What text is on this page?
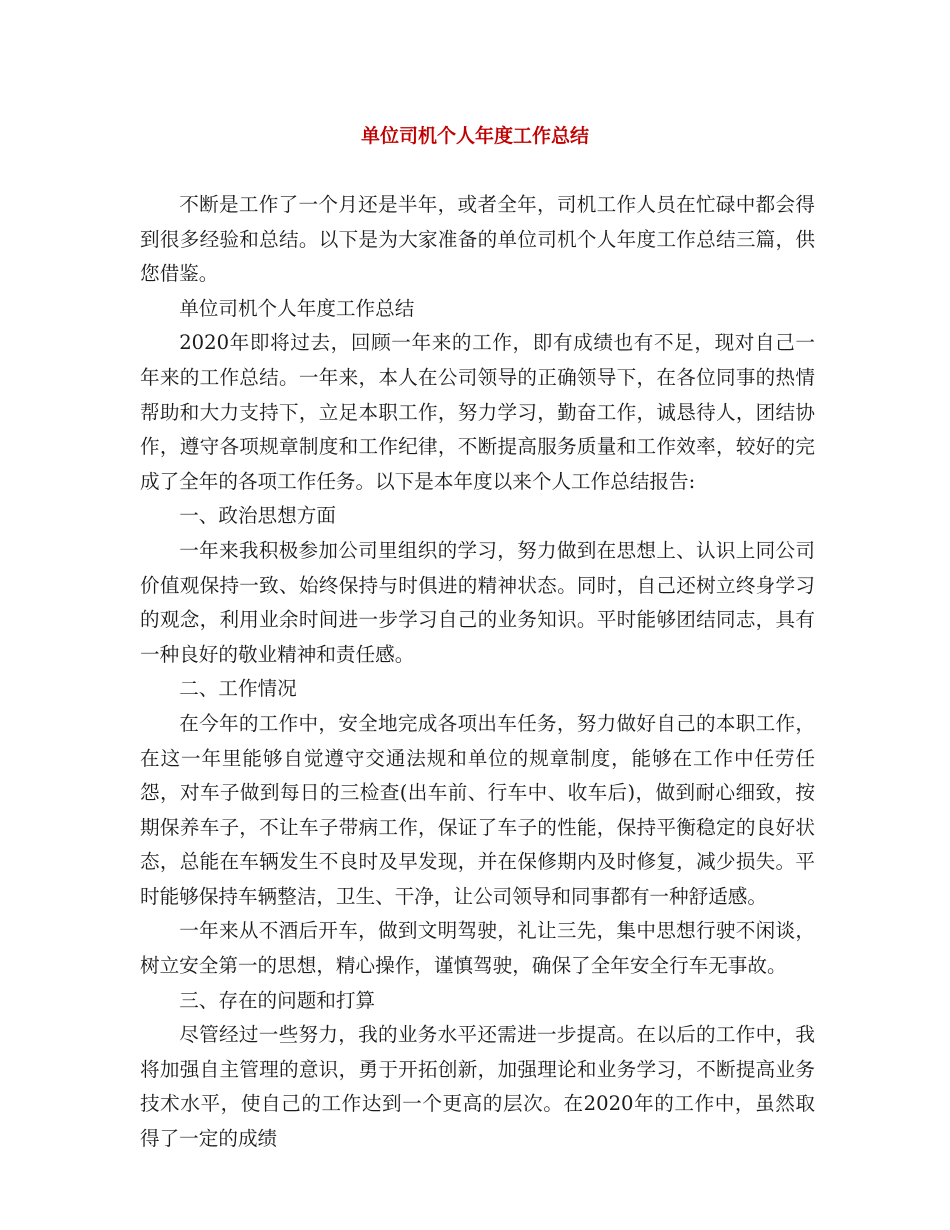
单位司机个人年度工作总结

不断是工作了一个月还是半年，或者全年，司机工作人员在忙碌中都会得到很多经验和总结。以下是为大家准备的单位司机个人年度工作总结三篇，供您借鉴。

单位司机个人年度工作总结

2020年即将过去，回顾一年来的工作，即有成绩也有不足，现对自己一年来的工作总结。一年来，本人在公司领导的正确领导下，在各位同事的热情帮助和大力支持下，立足本职工作，努力学习，勤奋工作，诚恳待人，团结协作，遵守各项规章制度和工作纪律，不断提高服务质量和工作效率，较好的完成了全年的各项工作任务。以下是本年度以来个人工作总结报告:

一、政治思想方面

一年来我积极参加公司里组织的学习，努力做到在思想上、认识上同公司价值观保持一致、始终保持与时俱进的精神状态。同时，自己还树立终身学习的观念，利用业余时间进一步学习自己的业务知识。平时能够团结同志，具有一种良好的敬业精神和责任感。

二、工作情况

在今年的工作中，安全地完成各项出车任务，努力做好自己的本职工作，在这一年里能够自觉遵守交通法规和单位的规章制度，能够在工作中任劳任怨，对车子做到每日的三检查(出车前、行车中、收车后)，做到耐心细致，按期保养车子，不让车子带病工作，保证了车子的性能，保持平衡稳定的良好状态，总能在车辆发生不良时及早发现，并在保修期内及时修复，减少损失。平时能够保持车辆整洁，卫生、干净，让公司领导和同事都有一种舒适感。

一年来从不酒后开车，做到文明驾驶，礼让三先，集中思想行驶不闲谈，树立安全第一的思想，精心操作，谨慎驾驶，确保了全年安全行车无事故。

三、存在的问题和打算

尽管经过一些努力，我的业务水平还需进一步提高。在以后的工作中，我将加强自主管理的意识，勇于开拓创新，加强理论和业务学习，不断提高业务技术水平，使自己的工作达到一个更高的层次。在2020年的工作中，虽然取得了一定的成绩
